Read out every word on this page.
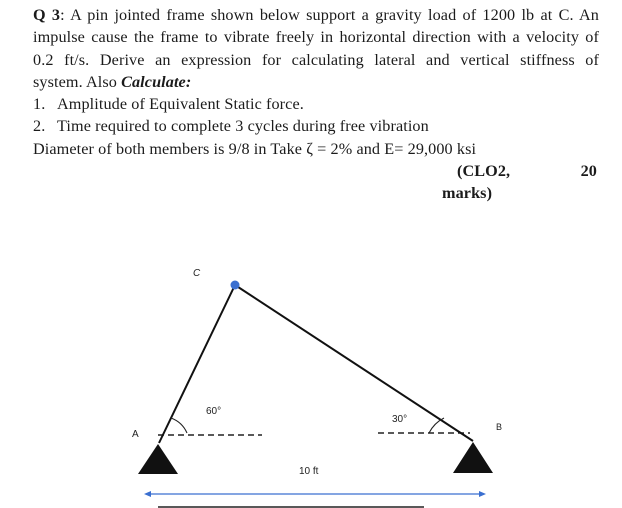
Q 3: A pin jointed frame shown below support a gravity load of 1200 lb at C. An
impulse cause the frame to vibrate freely in horizontal direction with a velocity of
0.2 ft/s. Derive an expression for calculating lateral and vertical stiffness of
system. Also Calculate:
1. Amplitude of Equivalent Static force.
2. Time required to complete 3 cycles during free vibration
Diameter of both members is 9/8 in Take ζ = 2% and E= 29,000 ksi
(CLO2,	20
marks)
C
A
B
60°
30°
10 ft
